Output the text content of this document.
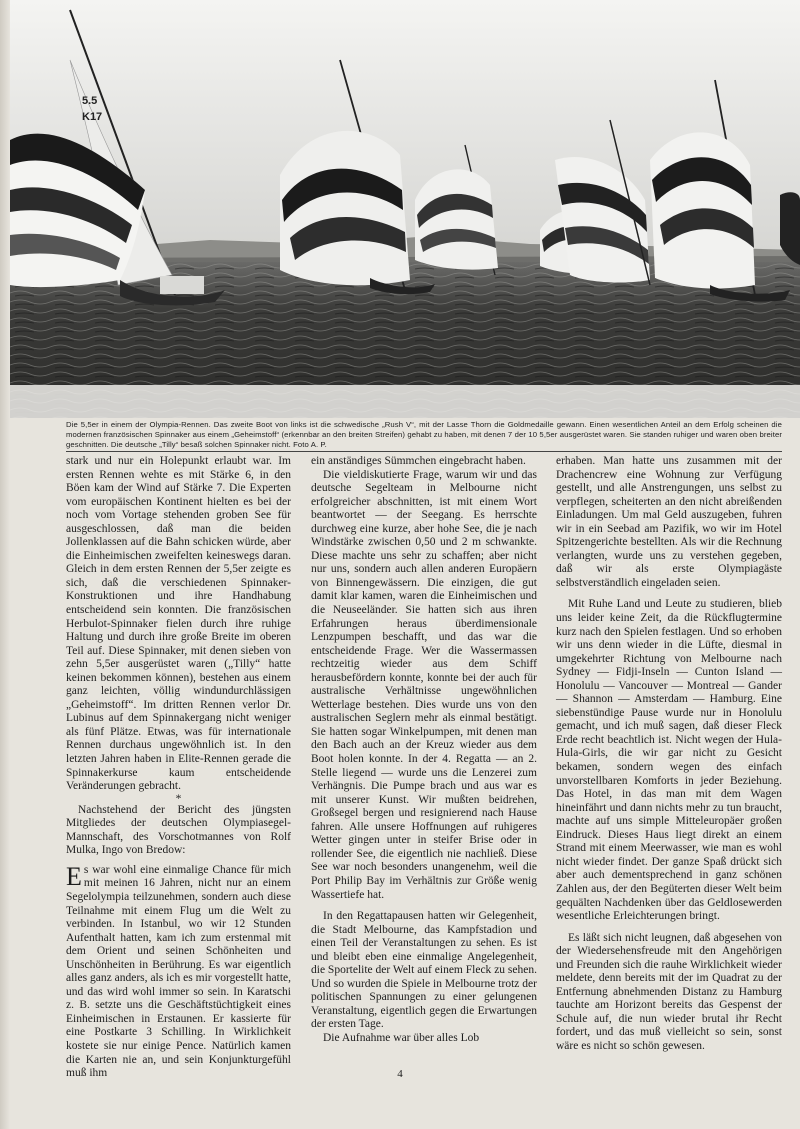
5.5
K17
Die 5,5er in einem der Olympia-Rennen. Das zweite Boot von links ist die schwedische „Rush V“, mit der Lasse Thorn die Goldmedaille gewann. Einen wesentlichen Anteil an dem Erfolg scheinen die modernen französischen Spinnaker aus einem „Geheimstoff“ (erkennbar an den breiten Streifen) gehabt zu haben, mit denen 7 der 10 5,5er ausgerüstet waren. Sie standen ruhiger und waren oben breiter geschnitten. Die deutsche „Tilly“ besaß solchen Spinnaker nicht. Foto A. P.

stark und nur ein Holepunkt erlaubt war. Im ersten Rennen wehte es mit Stärke 6, in den Böen kam der Wind auf Stärke 7. Die Experten vom europäischen Kontinent hielten es bei der noch vom Vortage stehenden groben See für ausgeschlossen, daß man die beiden Jollenklassen auf die Bahn schicken würde, aber die Einheimischen zweifelten keineswegs daran. Gleich in dem ersten Rennen der 5,5er zeigte es sich, daß die verschiedenen Spinnaker-Konstruktionen und ihre Handhabung entscheidend sein konnten. Die französischen Herbulot-Spinnaker fielen durch ihre ruhige Haltung und durch ihre große Breite im oberen Teil auf. Diese Spinnaker, mit denen sieben von zehn 5,5er ausgerüstet waren („Tilly“ hatte keinen bekommen können), bestehen aus einem ganz leichten, völlig windundurchlässigen „Geheimstoff“. Im dritten Rennen verlor Dr. Lubinus auf dem Spinnakergang nicht weniger als fünf Plätze. Etwas, was für internationale Rennen durchaus ungewöhnlich ist. In den letzten Jahren haben in Elite-Rennen gerade die Spinnakerkurse kaum entscheidende Veränderungen gebracht.

*

Nachstehend der Bericht des jüngsten Mitgliedes der deutschen Olympiasegel-Mannschaft, des Vorschotmannes von Rolf Mulka, Ingo von Bredow:

Es war wohl eine einmalige Chance für mich mit meinen 16 Jahren, nicht nur an einem Segelolympia teilzunehmen, sondern auch diese Teilnahme mit einem Flug um die Welt zu verbinden. In Istanbul, wo wir 12 Stunden Aufenthalt hatten, kam ich zum erstenmal mit dem Orient und seinen Schönheiten und Unschönheiten in Berührung. Es war eigentlich alles ganz anders, als ich es mir vorgestellt hatte, und das wird wohl immer so sein. In Karatschi z. B. setzte uns die Geschäftstüchtigkeit eines Einheimischen in Erstaunen. Er kassierte für eine Postkarte 3 Schilling. In Wirklichkeit kostete sie nur einige Pence. Natürlich kamen die Karten nie an, und sein Konjunkturgefühl muß ihm

ein anständiges Sümmchen eingebracht haben.

Die vieldiskutierte Frage, warum wir und das deutsche Segelteam in Melbourne nicht erfolgreicher abschnitten, ist mit einem Wort beantwortet — der Seegang. Es herrschte durchweg eine kurze, aber hohe See, die je nach Windstärke zwischen 0,50 und 2 m schwankte. Diese machte uns sehr zu schaffen; aber nicht nur uns, sondern auch allen anderen Europäern von Binnengewässern. Die einzigen, die gut damit klar kamen, waren die Einheimischen und die Neuseeländer. Sie hatten sich aus ihren Erfahrungen heraus überdimensionale Lenzpumpen beschafft, und das war die entscheidende Frage. Wer die Wassermassen rechtzeitig wieder aus dem Schiff herausbefördern konnte, konnte bei der auch für australische Verhältnisse ungewöhnlichen Wetterlage bestehen. Dies wurde uns von den australischen Seglern mehr als einmal bestätigt. Sie hatten sogar Winkelpumpen, mit denen man den Bach auch an der Kreuz wieder aus dem Boot holen konnte. In der 4. Regatta — an 2. Stelle liegend — wurde uns die Lenzerei zum Verhängnis. Die Pumpe brach und aus war es mit unserer Kunst. Wir mußten beidrehen, Großsegel bergen und resignierend nach Hause fahren. Alle unsere Hoffnungen auf ruhigeres Wetter gingen unter in steifer Brise oder in rollender See, die eigentlich nie nachließ. Diese See war noch besonders unangenehm, weil die Port Philip Bay im Verhältnis zur Größe wenig Wassertiefe hat.

In den Regattapausen hatten wir Gelegenheit, die Stadt Melbourne, das Kampfstadion und einen Teil der Veranstaltungen zu sehen. Es ist und bleibt eben eine einmalige Angelegenheit, die Sportelite der Welt auf einem Fleck zu sehen. Und so wurden die Spiele in Melbourne trotz der politischen Spannungen zu einer gelungenen Veranstaltung, eigentlich gegen die Erwartungen der ersten Tage.

Die Aufnahme war über alles Lob

erhaben. Man hatte uns zusammen mit der Drachencrew eine Wohnung zur Verfügung gestellt, und alle Anstrengungen, uns selbst zu verpflegen, scheiterten an den nicht abreißenden Einladungen. Um mal Geld auszugeben, fuhren wir in ein Seebad am Pazifik, wo wir im Hotel Spitzengerichte bestellten. Als wir die Rechnung verlangten, wurde uns zu verstehen gegeben, daß wir als erste Olympiagäste selbstverständlich eingeladen seien.

Mit Ruhe Land und Leute zu studieren, blieb uns leider keine Zeit, da die Rückflugtermine kurz nach den Spielen festlagen. Und so erhoben wir uns denn wieder in die Lüfte, diesmal in umgekehrter Richtung von Melbourne nach Sydney — Fidji-Inseln — Cunton Island — Honolulu — Vancouver — Montreal — Gander — Shannon — Amsterdam — Hamburg. Eine siebenstündige Pause wurde nur in Honolulu gemacht, und ich muß sagen, daß dieser Fleck Erde recht beachtlich ist. Nicht wegen der Hula-Hula-Girls, die wir gar nicht zu Gesicht bekamen, sondern wegen des einfach unvorstellbaren Komforts in jeder Beziehung. Das Hotel, in das man mit dem Wagen hineinfährt und dann nichts mehr zu tun braucht, machte auf uns simple Mitteleuropäer großen Eindruck. Dieses Haus liegt direkt an einem Strand mit einem Meerwasser, wie man es wohl nicht wieder findet. Der ganze Spaß drückt sich aber auch dementsprechend in ganz schönen Zahlen aus, der den Begüterten dieser Welt beim gequälten Nachdenken über das Geldlosewerden wesentliche Erleichterungen bringt.

Es läßt sich nicht leugnen, daß abgesehen von der Wiedersehensfreude mit den Angehörigen und Freunden sich die rauhe Wirklichkeit wieder meldete, denn bereits mit der im Quadrat zu der Entfernung abnehmenden Distanz zu Hamburg tauchte am Horizont bereits das Gespenst der Schule auf, die nun wieder brutal ihr Recht fordert, und das muß vielleicht so sein, sonst wäre es nicht so schön gewesen.

4
